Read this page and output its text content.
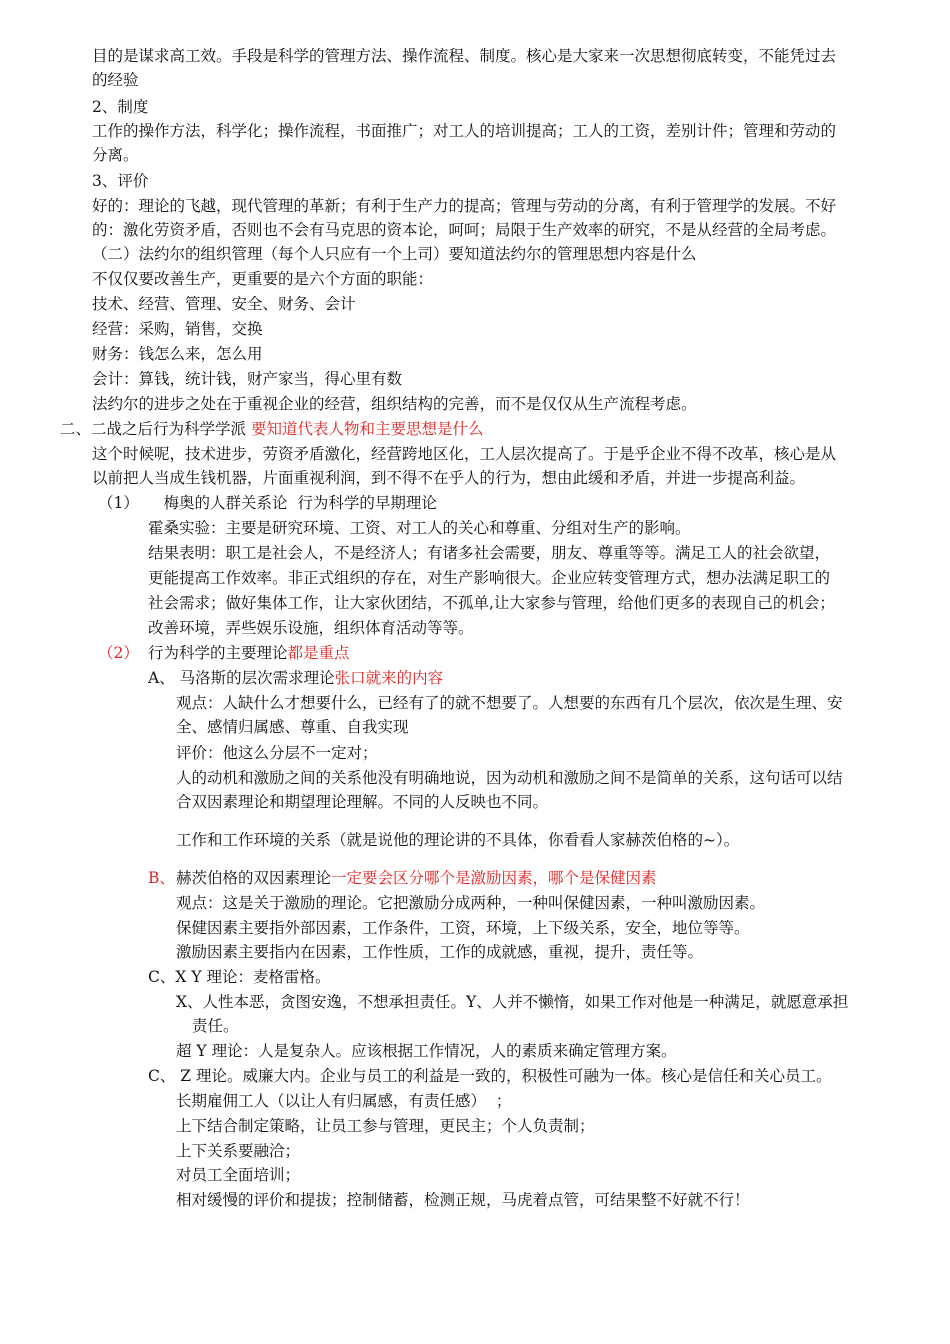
目的是谋求高工效。手段是科学的管理方法、操作流程、制度。核心是大家来一次思想彻底转变，不能凭过去
的经验
2、制度
工作的操作方法，科学化；操作流程，书面推广；对工人的培训提高；工人的工资，差别计件；管理和劳动的
分离。
3、评价
好的：理论的飞越，现代管理的革新；有利于生产力的提高；管理与劳动的分离，有利于管理学的发展。不好
的：激化劳资矛盾，否则也不会有马克思的资本论，呵呵；局限于生产效率的研究，不是从经营的全局考虑。
（二）法约尔的组织管理（每个人只应有一个上司）要知道法约尔的管理思想内容是什么
不仅仅要改善生产，更重要的是六个方面的职能：
技术、经营、管理、安全、财务、会计
经营：采购，销售，交换
财务：钱怎么来，怎么用
会计：算钱，统计钱，财产家当，得心里有数
法约尔的进步之处在于重视企业的经营，组织结构的完善，而不是仅仅从生产流程考虑。
二、二战之后行为科学学派 要知道代表人物和主要思想是什么
这个时候呢，技术进步，劳资矛盾激化，经营跨地区化，工人层次提高了。于是乎企业不得不改革，核心是从
以前把人当成生钱机器，片面重视利润，到不得不在乎人的行为，想由此缓和矛盾，并进一步提高利益。
（1）     梅奥的人群关系论  行为科学的早期理论
霍桑实验：主要是研究环境、工资、对工人的关心和尊重、分组对生产的影响。
结果表明：职工是社会人，不是经济人；有诸多社会需要，朋友、尊重等等。满足工人的社会欲望，
更能提高工作效率。非正式组织的存在，对生产影响很大。企业应转变管理方式，想办法满足职工的
社会需求；做好集体工作，让大家伙团结，不孤单,让大家参与管理，给他们更多的表现自己的机会；
改善环境，弄些娱乐设施，组织体育活动等等。
（2） 行为科学的主要理论都是重点
A、 马洛斯的层次需求理论张口就来的内容
观点：人缺什么才想要什么，已经有了的就不想要了。人想要的东西有几个层次，依次是生理、安
全、感情归属感、尊重、自我实现
评价：他这么分层不一定对；
人的动机和激励之间的关系他没有明确地说，因为动机和激励之间不是简单的关系，这句话可以结
合双因素理论和期望理论理解。不同的人反映也不同。
工作和工作环境的关系（就是说他的理论讲的不具体，你看看人家赫茨伯格的~）。
B、 赫茨伯格的双因素理论一定要会区分哪个是激励因素，哪个是保健因素
观点：这是关于激励的理论。它把激励分成两种，一种叫保健因素，一种叫激励因素。
保健因素主要指外部因素，工作条件，工资，环境，上下级关系，安全，地位等等。
激励因素主要指内在因素，工作性质，工作的成就感，重视，提升，责任等。
C、X Y 理论：麦格雷格。
X、人性本恶，贪图安逸，不想承担责任。Y、人并不懒惰，如果工作对他是一种满足，就愿意承担
责任。
超 Y 理论：人是复杂人。应该根据工作情况，人的素质来确定管理方案。
C、 Z 理论。威廉大内。企业与员工的利益是一致的，积极性可融为一体。核心是信任和关心员工。
长期雇佣工人（以让人有归属感，有责任感）  ；
上下结合制定策略，让员工参与管理，更民主；个人负责制；
上下关系要融洽；
对员工全面培训；
相对缓慢的评价和提拔；控制储蓄，检测正规，马虎着点管，可结果整不好就不行！
